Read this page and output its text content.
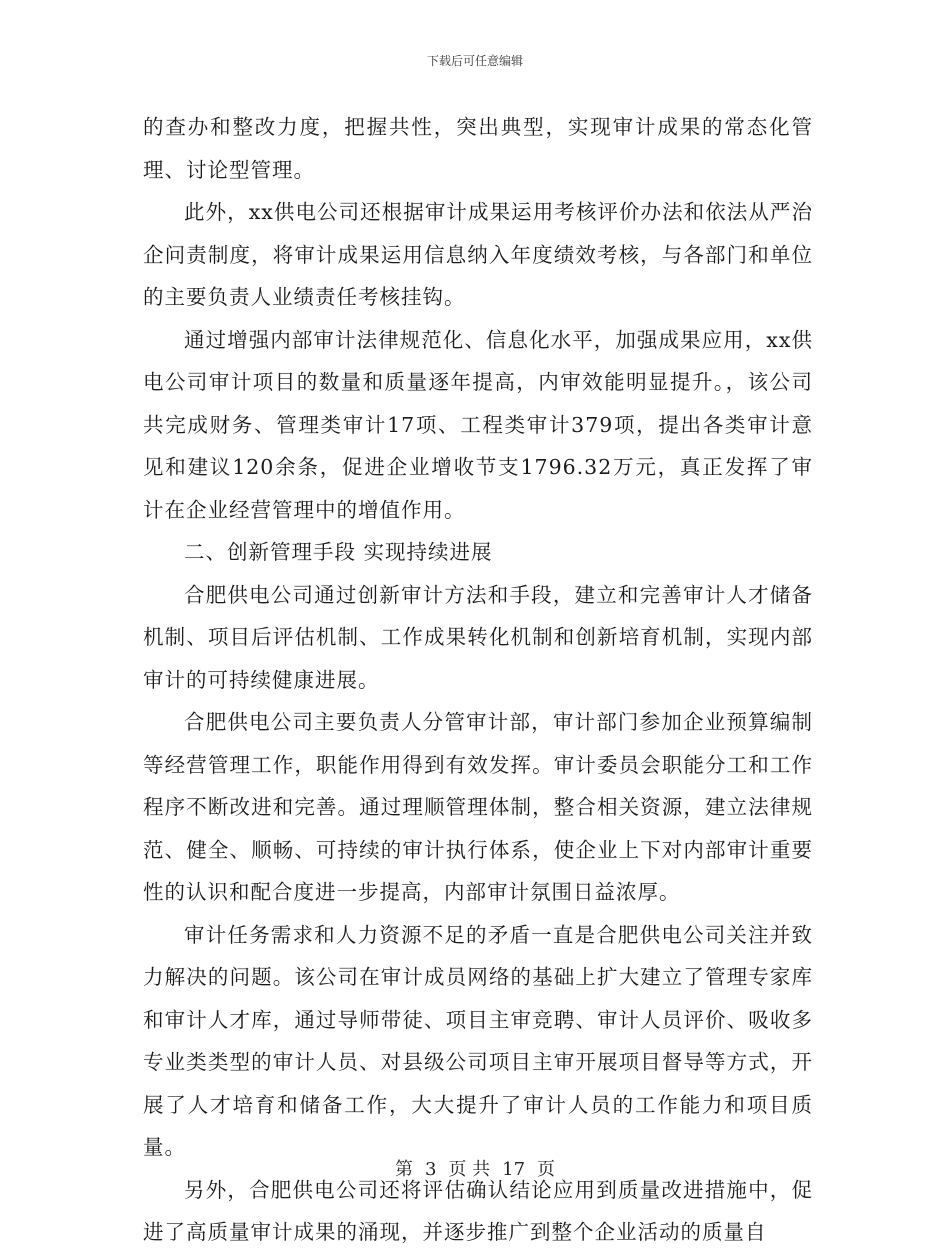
下载后可任意编辑

的查办和整改力度，把握共性，突出典型，实现审计成果的常态化管理、讨论型管理。

此外，xx供电公司还根据审计成果运用考核评价办法和依法从严治企问责制度，将审计成果运用信息纳入年度绩效考核，与各部门和单位的主要负责人业绩责任考核挂钩。

通过增强内部审计法律规范化、信息化水平，加强成果应用，xx供电公司审计项目的数量和质量逐年提高，内审效能明显提升。，该公司共完成财务、管理类审计17项、工程类审计379项，提出各类审计意见和建议120余条，促进企业增收节支1796.32万元，真正发挥了审计在企业经营管理中的增值作用。

二、创新管理手段 实现持续进展

合肥供电公司通过创新审计方法和手段，建立和完善审计人才储备机制、项目后评估机制、工作成果转化机制和创新培育机制，实现内部审计的可持续健康进展。

合肥供电公司主要负责人分管审计部，审计部门参加企业预算编制等经营管理工作，职能作用得到有效发挥。审计委员会职能分工和工作程序不断改进和完善。通过理顺管理体制，整合相关资源，建立法律规范、健全、顺畅、可持续的审计执行体系，使企业上下对内部审计重要性的认识和配合度进一步提高，内部审计氛围日益浓厚。

审计任务需求和人力资源不足的矛盾一直是合肥供电公司关注并致力解决的问题。该公司在审计成员网络的基础上扩大建立了管理专家库和审计人才库，通过导师带徒、项目主审竞聘、审计人员评价、吸收多专业类类型的审计人员、对县级公司项目主审开展项目督导等方式，开展了人才培育和储备工作，大大提升了审计人员的工作能力和项目质量。

另外，合肥供电公司还将评估确认结论应用到质量改进措施中，促进了高质量审计成果的涌现，并逐步推广到整个企业活动的质量自

第 3 页 共 17 页
